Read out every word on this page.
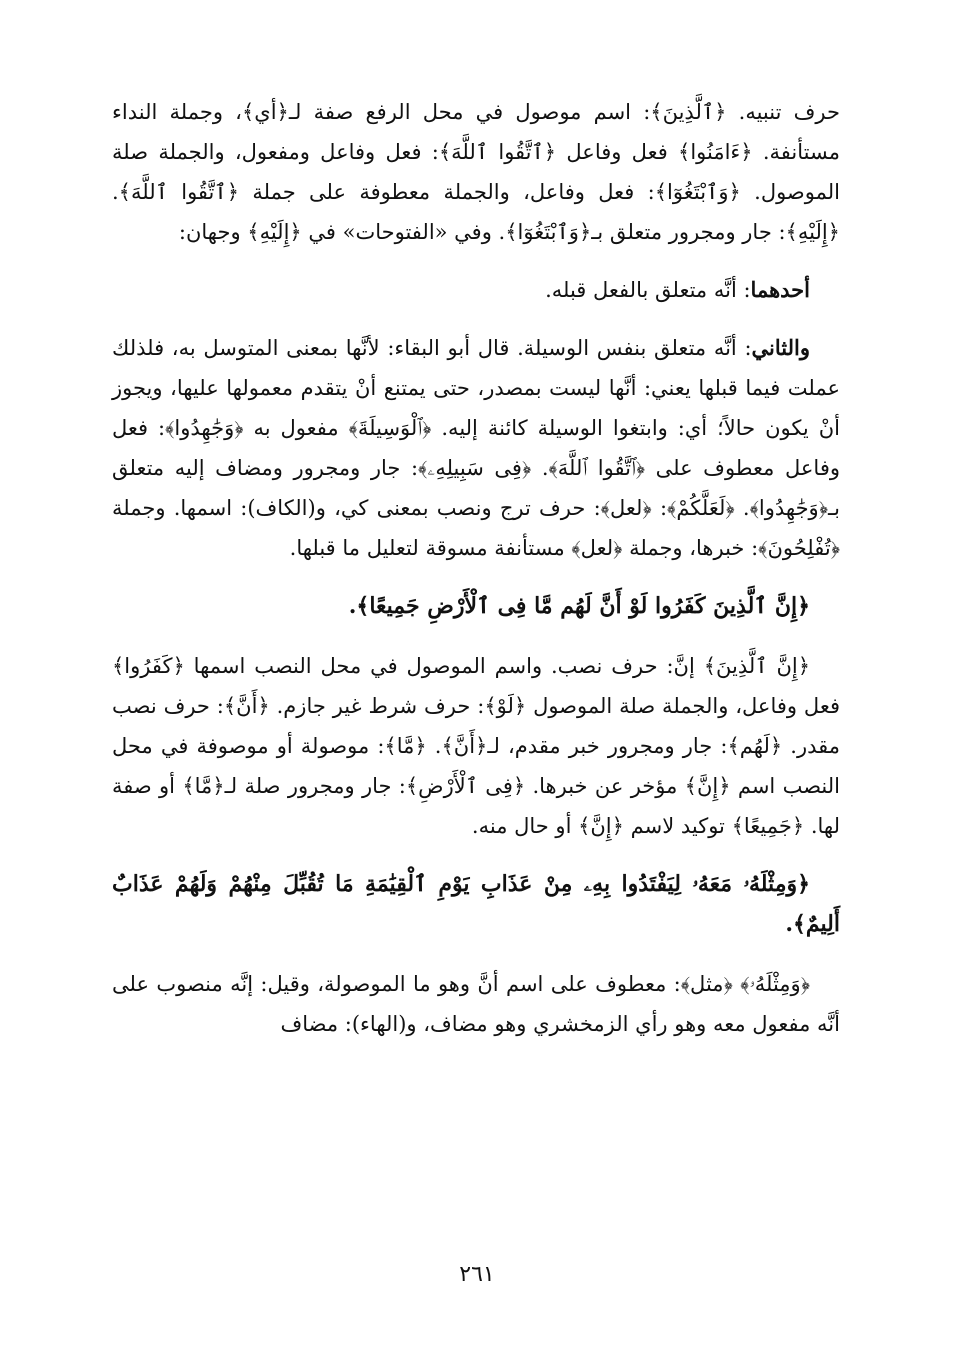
حرف تنبيه. ﴿ٱلَّذِينَ﴾: اسم موصول في محل الرفع صفة لـ﴿أي﴾، وجملة النداء مستأنفة. ﴿ءَامَنُوا﴾ فعل وفاعل ﴿ٱتَّقُوا ٱللَّهَ﴾: فعل وفاعل ومفعول، والجملة صلة الموصول. ﴿وَٱبْتَغُوٓا﴾: فعل وفاعل، والجملة معطوفة على جملة ﴿ٱتَّقُوا ٱللَّهَ﴾. ﴿إِلَيْهِ﴾: جار ومجرور متعلق بـ﴿وَٱبْتَغُوٓا﴾. وفي «الفتوحات» في ﴿إِلَيْهِ﴾ وجهان:

أحدهما: أنَّه متعلق بالفعل قبله.

والثاني: أنَّه متعلق بنفس الوسيلة. قال أبو البقاء: لأنَّها بمعنى المتوسل به، فلذلك عملت فيما قبلها يعني: أنَّها ليست بمصدر، حتى يمتنع أنْ يتقدم معمولها عليها، ويجوز أنْ يكون حالاً؛ أي: وابتغوا الوسيلة كائنة إليه. ﴿ٱلْوَسِيلَةَ﴾ مفعول به ﴿وَجَٰهِدُوا﴾: فعل وفاعل معطوف على ﴿ٱتَّقُوا ٱللَّهَ﴾. ﴿فِى سَبِيلِهِۦ﴾: جار ومجرور ومضاف إليه متعلق بـ﴿وَجَٰهِدُوا﴾. ﴿لَعَلَّكُمْ﴾: ﴿لعل﴾: حرف ترج ونصب بمعنى كي، و(الكاف): اسمها. وجملة ﴿تُفْلِحُونَ﴾: خبرها، وجملة ﴿لعل﴾ مستأنفة مسوقة لتعليل ما قبلها.

﴿إِنَّ ٱلَّذِينَ كَفَرُوا لَوْ أَنَّ لَهُم مَّا فِى ٱلْأَرْضِ جَمِيعًا﴾.

﴿إِنَّ ٱلَّذِينَ﴾ إنَّ: حرف نصب. واسم الموصول في محل النصب اسمها ﴿كَفَرُوا﴾ فعل وفاعل، والجملة صلة الموصول ﴿لَوْ﴾: حرف شرط غير جازم. ﴿أَنَّ﴾: حرف نصب مقدر. ﴿لَهُم﴾: جار ومجرور خبر مقدم، لـ﴿أَنَّ﴾. ﴿مَّا﴾: موصولة أو موصوفة في محل النصب اسم ﴿إِنَّ﴾ مؤخر عن خبرها. ﴿فِى ٱلْأَرْضِ﴾: جار ومجرور صلة لـ﴿مَّا﴾ أو صفة لها. ﴿جَمِيعًا﴾ توكيد لاسم ﴿إِنَّ﴾ أو حال منه.

﴿وَمِثْلَهُۥ مَعَهُۥ لِيَفْتَدُوا بِهِۦ مِنْ عَذَابِ يَوْمِ ٱلْقِيَٰمَةِ مَا تُقُبِّلَ مِنْهُمْ وَلَهُمْ عَذَابٌ أَلِيمٌ﴾.

﴿وَمِثْلَهُۥ﴾ ﴿مثل﴾: معطوف على اسم أنَّ وهو ما الموصولة، وقيل: إنَّه منصوب على أنَّه مفعول معه وهو رأي الزمخشري وهو مضاف، و(الهاء): مضاف

٢٦١
